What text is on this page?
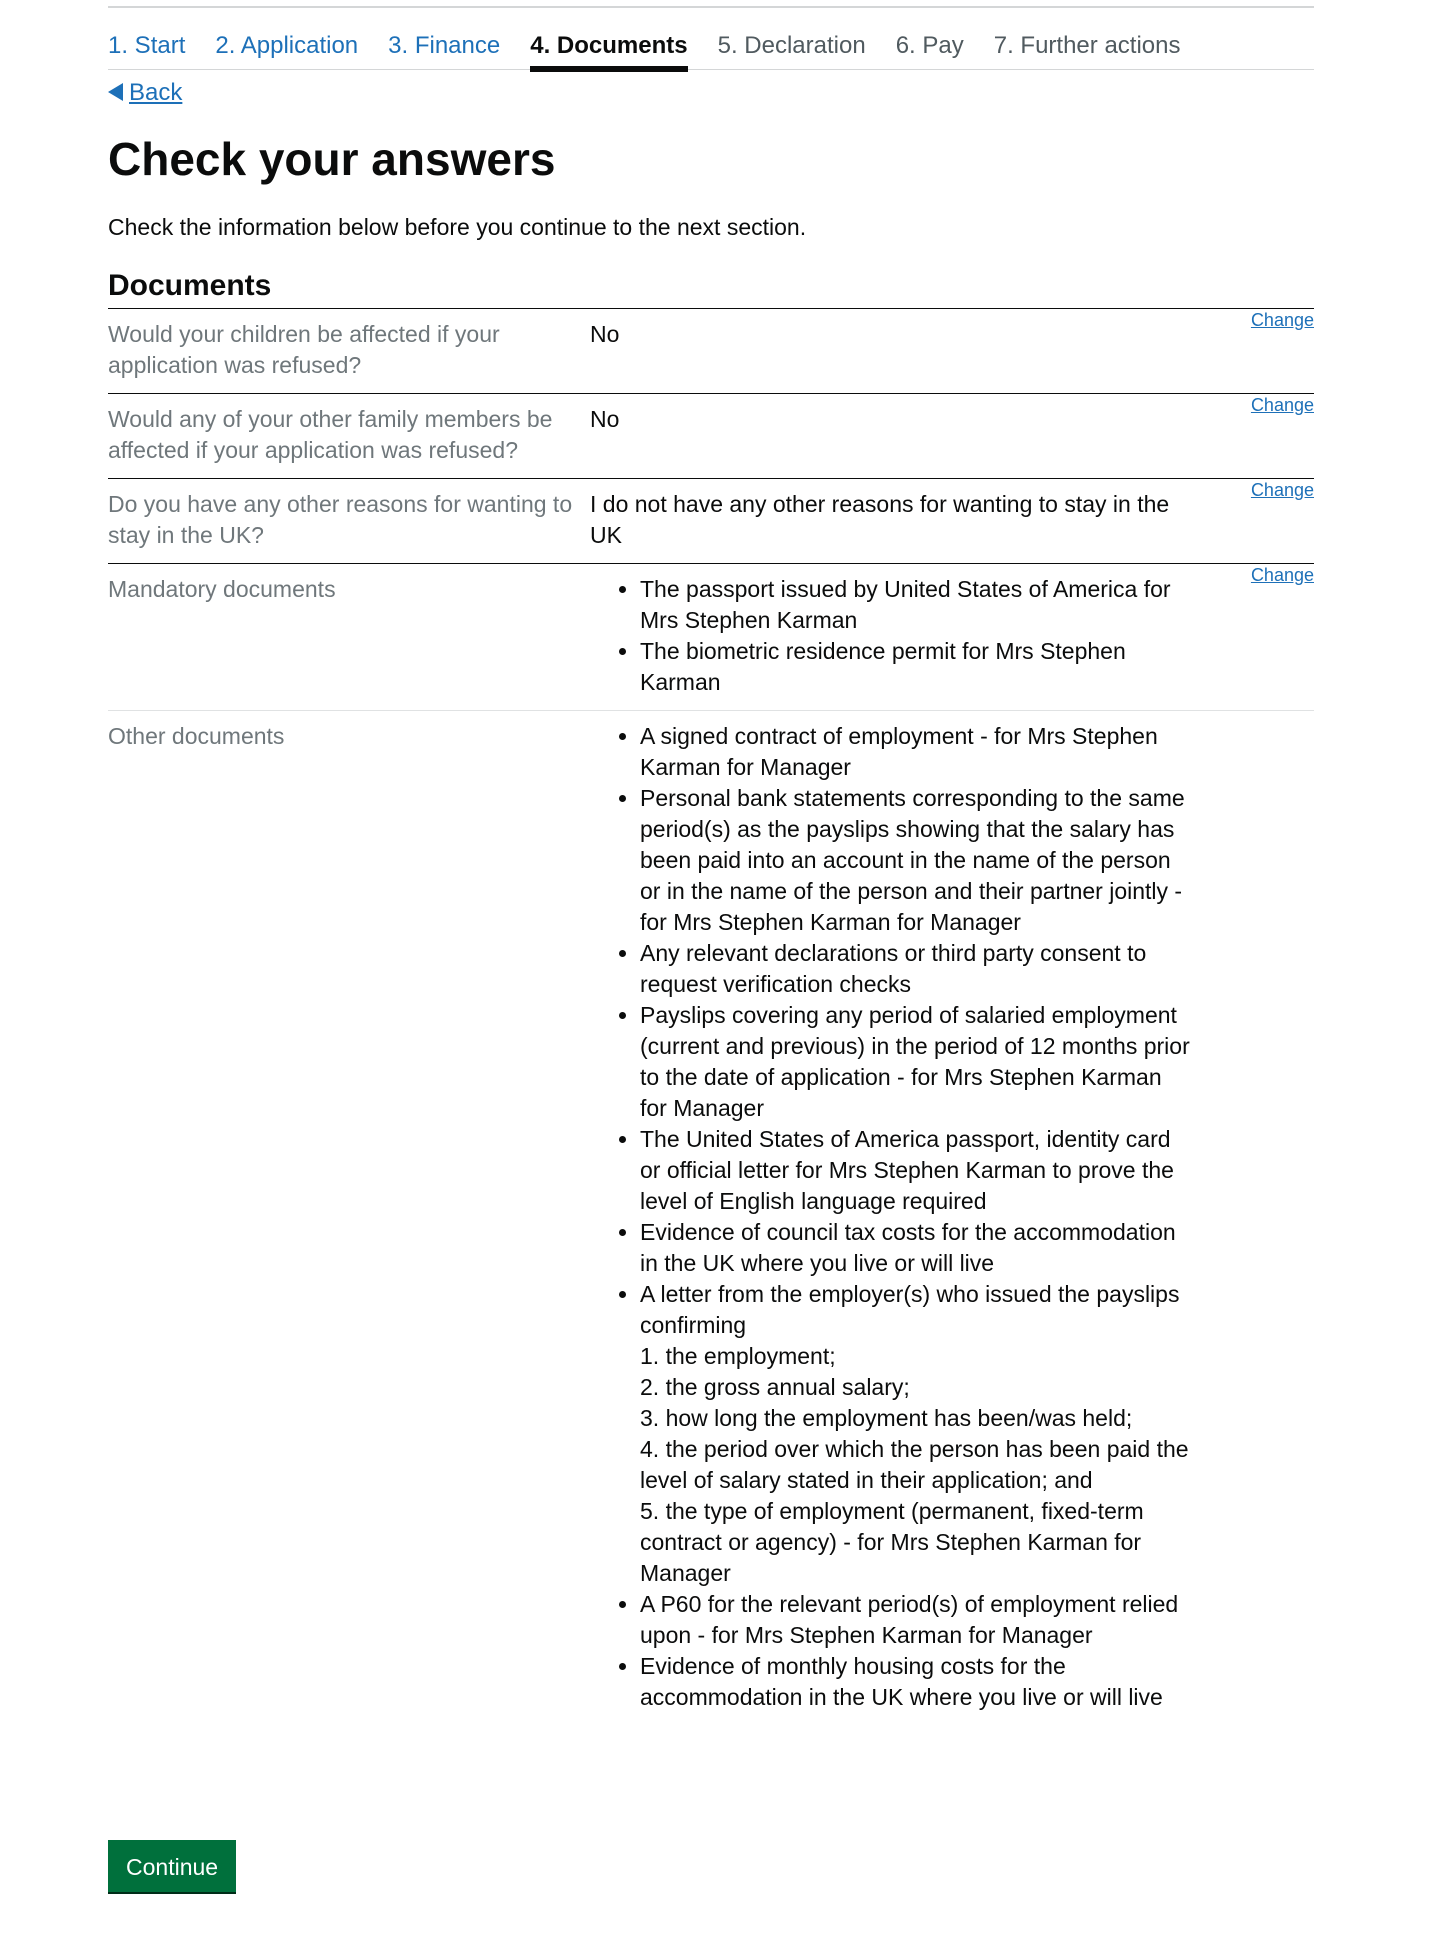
1. Start 2. Application 3. Finance 4. Documents 5. Declaration 6. Pay 7. Further actions
Back
Check your answers

Check the information below before you continue to the next section.

Documents
Would your children be affected if your application was refused?
No
Change
Would any of your other family members be affected if your application was refused?
No
Change
Do you have any other reasons for wanting to stay in the UK?
I do not have any other reasons for wanting to stay in the UK
Change
Mandatory documents	• The passport issued by United States of America for Mrs Stephen Karman
• The biometric residence permit for Mrs Stephen Karman
Change
Other documents	• A signed contract of employment - for Mrs Stephen Karman for Manager
• Personal bank statements corresponding to the same period(s) as the payslips showing that the salary has been paid into an account in the name of the person or in the name of the person and their partner jointly - for Mrs Stephen Karman for Manager
• Any relevant declarations or third party consent to request verification checks
• Payslips covering any period of salaried employment (current and previous) in the period of 12 months prior to the date of application - for Mrs Stephen Karman for Manager
• The United States of America passport, identity card or official letter for Mrs Stephen Karman to prove the level of English language required
• Evidence of council tax costs for the accommodation in the UK where you live or will live
• A letter from the employer(s) who issued the payslips confirming
1. the employment;
2. the gross annual salary;
3. how long the employment has been/was held;
4. the period over which the person has been paid the level of salary stated in their application; and
5. the type of employment (permanent, fixed-term contract or agency) - for Mrs Stephen Karman for Manager
• A P60 for the relevant period(s) of employment relied upon - for Mrs Stephen Karman for Manager
• Evidence of monthly housing costs for the accommodation in the UK where you live or will live
Continue
